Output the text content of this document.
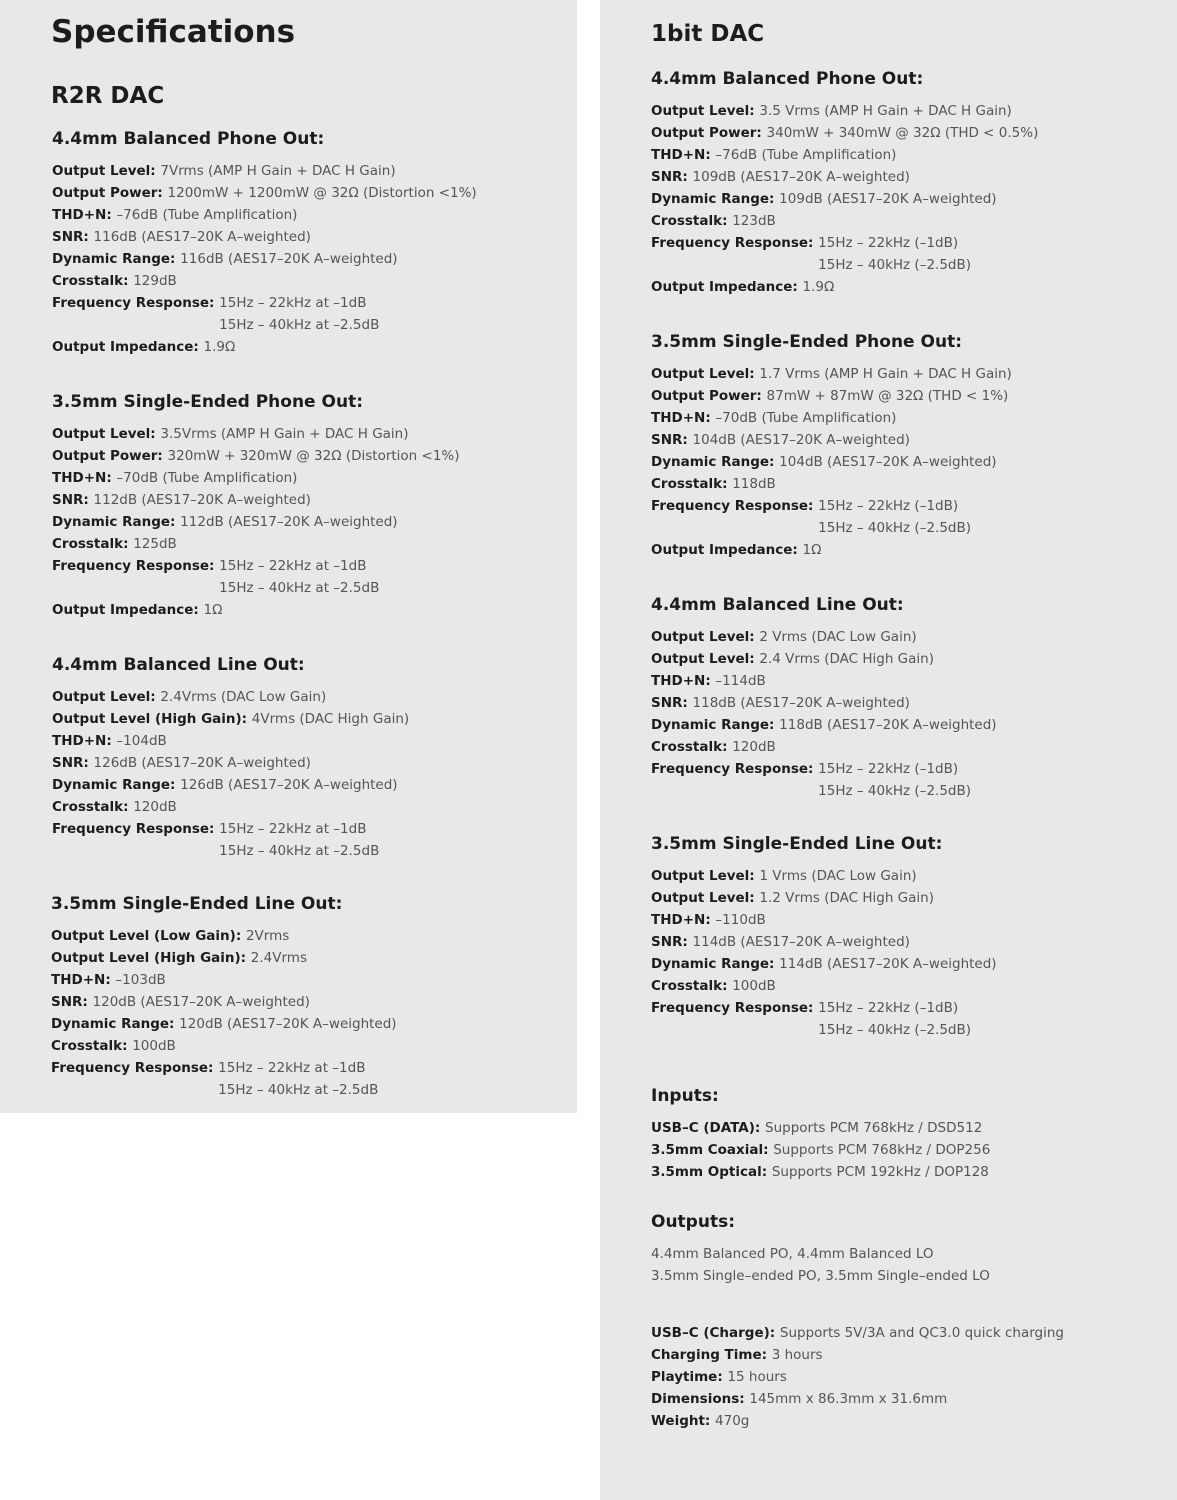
Specifications
R2R DAC
1bit DAC
4.4mm Balanced Phone Out:
Output Level: 7Vrms (AMP H Gain + DAC H Gain)
Output Power: 1200mW + 1200mW @ 32Ω (Distortion <1%)
THD+N: –76dB (Tube Amplification)
SNR: 116dB (AES17–20K A–weighted)
Dynamic Range: 116dB (AES17–20K A–weighted)
Crosstalk: 129dB
Frequency Response: 15Hz – 22kHz at –1dB
15Hz – 40kHz at –2.5dB
Output Impedance: 1.9Ω
3.5mm Single-Ended Phone Out:
Output Level: 3.5Vrms (AMP H Gain + DAC H Gain)
Output Power: 320mW + 320mW @ 32Ω (Distortion <1%)
THD+N: –70dB (Tube Amplification)
SNR: 112dB (AES17–20K A–weighted)
Dynamic Range: 112dB (AES17–20K A–weighted)
Crosstalk: 125dB
Frequency Response: 15Hz – 22kHz at –1dB
15Hz – 40kHz at –2.5dB
Output Impedance: 1Ω
4.4mm Balanced Line Out:
Output Level: 2.4Vrms (DAC Low Gain)
Output Level (High Gain): 4Vrms (DAC High Gain)
THD+N: –104dB
SNR: 126dB (AES17–20K A–weighted)
Dynamic Range: 126dB (AES17–20K A–weighted)
Crosstalk: 120dB
Frequency Response: 15Hz – 22kHz at –1dB
15Hz – 40kHz at –2.5dB
3.5mm Single-Ended Line Out:
Output Level (Low Gain): 2Vrms
Output Level (High Gain): 2.4Vrms
THD+N: –103dB
SNR: 120dB (AES17–20K A–weighted)
Dynamic Range: 120dB (AES17–20K A–weighted)
Crosstalk: 100dB
Frequency Response: 15Hz – 22kHz at –1dB
15Hz – 40kHz at –2.5dB
4.4mm Balanced Phone Out:
Output Level: 3.5 Vrms (AMP H Gain + DAC H Gain)
Output Power: 340mW + 340mW @ 32Ω (THD < 0.5%)
THD+N: –76dB (Tube Amplification)
SNR: 109dB (AES17–20K A–weighted)
Dynamic Range: 109dB (AES17–20K A–weighted)
Crosstalk: 123dB
Frequency Response: 15Hz – 22kHz (–1dB)
15Hz – 40kHz (–2.5dB)
Output Impedance: 1.9Ω
3.5mm Single-Ended Phone Out:
Output Level: 1.7 Vrms (AMP H Gain + DAC H Gain)
Output Power: 87mW + 87mW @ 32Ω (THD < 1%)
THD+N: –70dB (Tube Amplification)
SNR: 104dB (AES17–20K A–weighted)
Dynamic Range: 104dB (AES17–20K A–weighted)
Crosstalk: 118dB
Frequency Response: 15Hz – 22kHz (–1dB)
15Hz – 40kHz (–2.5dB)
Output Impedance: 1Ω
4.4mm Balanced Line Out:
Output Level: 2 Vrms (DAC Low Gain)
Output Level: 2.4 Vrms (DAC High Gain)
THD+N: –114dB
SNR: 118dB (AES17–20K A–weighted)
Dynamic Range: 118dB (AES17–20K A–weighted)
Crosstalk: 120dB
Frequency Response: 15Hz – 22kHz (–1dB)
15Hz – 40kHz (–2.5dB)
3.5mm Single-Ended Line Out:
Output Level: 1 Vrms (DAC Low Gain)
Output Level: 1.2 Vrms (DAC High Gain)
THD+N: –110dB
SNR: 114dB (AES17–20K A–weighted)
Dynamic Range: 114dB (AES17–20K A–weighted)
Crosstalk: 100dB
Frequency Response: 15Hz – 22kHz (–1dB)
15Hz – 40kHz (–2.5dB)
Inputs:
USB–C (DATA): Supports PCM 768kHz / DSD512
3.5mm Coaxial: Supports PCM 768kHz / DOP256
3.5mm Optical: Supports PCM 192kHz / DOP128
Outputs:
4.4mm Balanced PO, 4.4mm Balanced LO
3.5mm Single–ended PO, 3.5mm Single–ended LO
USB–C (Charge): Supports 5V/3A and QC3.0 quick charging
Charging Time: 3 hours
Playtime: 15 hours
Dimensions: 145mm x 86.3mm x 31.6mm
Weight: 470g
